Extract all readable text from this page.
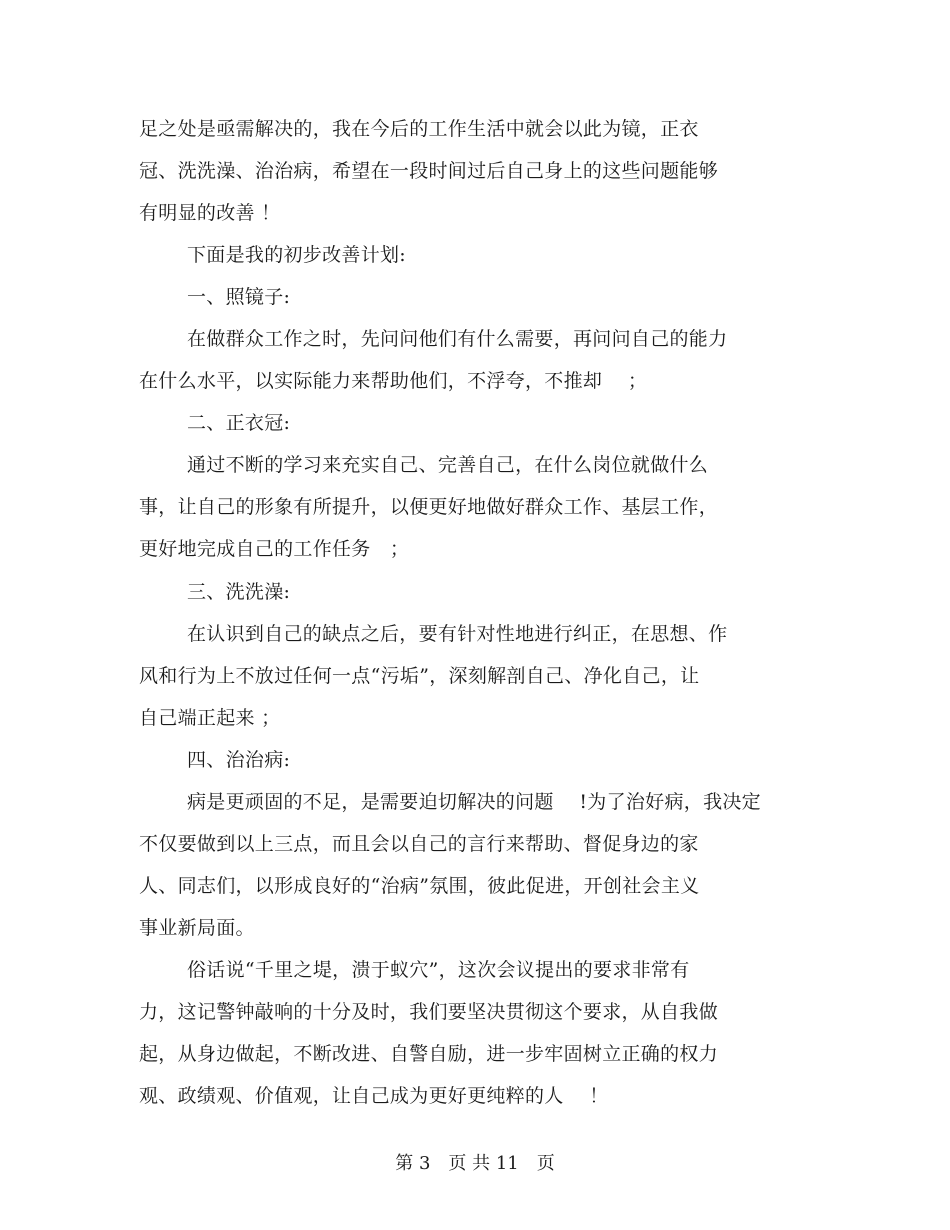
足之处是亟需解决的，我在今后的工作生活中就会以此为镜，正衣
冠、洗洗澡、治治病，希望在一段时间过后自己身上的这些问题能够
有明显的改善 ！
下面是我的初步改善计划:
一、照镜子:
在做群众工作之时，先问问他们有什么需要，再问问自己的能力
在什么水平，以实际能力来帮助他们，不浮夸，不推却　 ；
二、正衣冠:
通过不断的学习来充实自己、完善自己，在什么岗位就做什么
事，让自己的形象有所提升，以便更好地做好群众工作、基层工作，
更好地完成自己的工作任务　；
三、洗洗澡:
在认识到自己的缺点之后，要有针对性地进行纠正，在思想、作
风和行为上不放过任何一点“污垢”，深刻解剖自己、净化自己，让
自己端正起来 ；
四、治治病:
病是更顽固的不足，是需要迫切解决的问题　 !为了治好病，我决定
不仅要做到以上三点，而且会以自己的言行来帮助、督促身边的家
人、同志们，以形成良好的“治病”氛围，彼此促进，开创社会主义
事业新局面。
俗话说“千里之堤，溃于蚁穴”，这次会议提出的要求非常有
力，这记警钟敲响的十分及时，我们要坚决贯彻这个要求，从自我做
起，从身边做起，不断改进、自警自励，进一步牢固树立正确的权力
观、政绩观、价值观，让自己成为更好更纯粹的人　 ！
第 3　页 共 11　页
